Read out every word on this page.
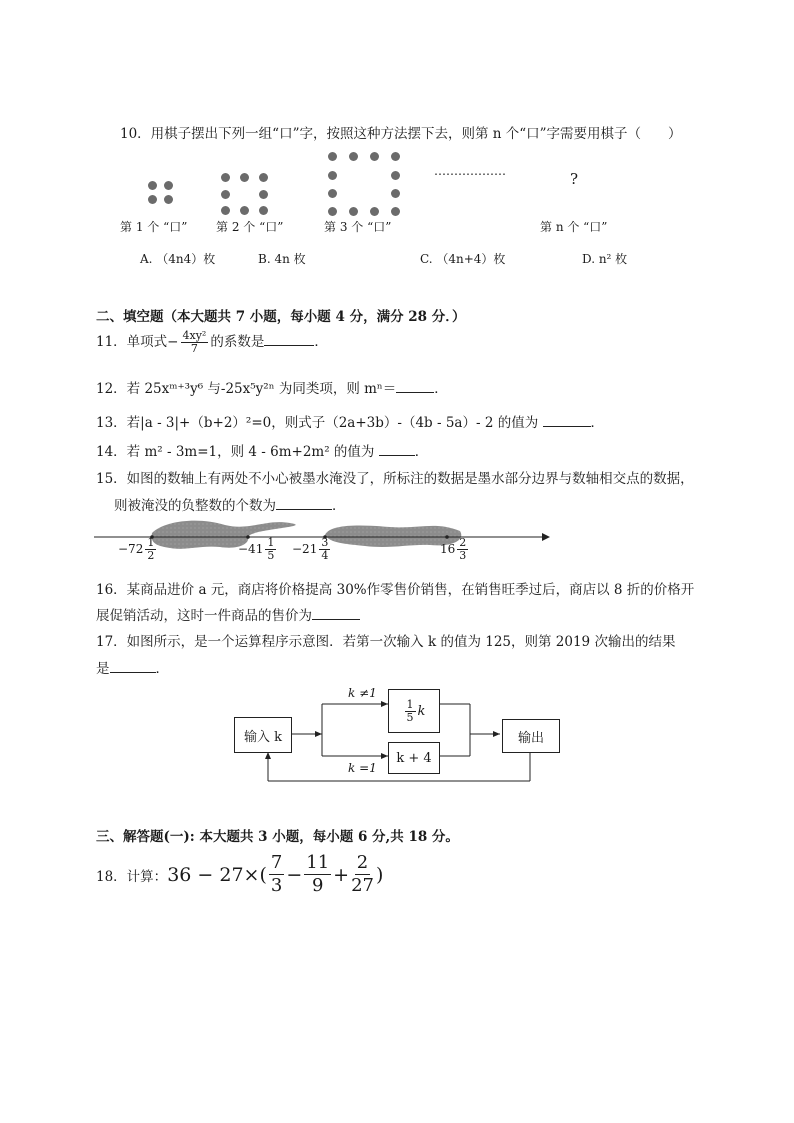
10．用棋子摆出下列一组“口”字，按照这种方法摆下去，则第 n 个“口”字需要用棋子（　　）
………………	?
第 1 个 “口” 第 2 个 “口”	第 3 个 “口”	第 n 个 “口”
A. （4n4）枚	B. 4n 枚	C. （4n+4）枚	D. n² 枚
二、填空题（本大题共 7 小题，每小题 4 分，满分 28 分．）
11．单项式− $\frac{\text{4xy²}}{7}$ 的系数是	．
12．若 25xᵐ⁺³y⁶ 与-25x⁵y²ⁿ 为同类项，则 mⁿ＝	．
13．若|a - 3|+（b+2）²=0，则式子（2a+3b）-（4b - 5a）- 2 的值为	．
14．若 m² - 3m=1，则 4 - 6m+2m² 的值为	．
15．如图的数轴上有两处不小心被墨水淹没了，所标注的数据是墨水部分边界与数轴相交点的数据，
则被淹没的负整数的个数为	．
$-72 \frac{1}{2}$	$-41 \frac{1}{5} -21 \frac{3}{4}$	$16 \frac{2}{3}$
16．某商品进价 a 元，商店将价格提高 30%作零售价销售，在销售旺季过后，商店以 8 折的价格开
展促销活动，这时一件商品的售价为
17．如图所示，是一个运算程序示意图．若第一次输入 k 的值为 125，则第 2019 次输出的结果
是	．
输入 k
$\frac{1}{5}$ k
k + 4
输出
k ≠1
k =1
三、解答题(一): 本大题共 3 小题，每小题 6 分,共 18 分。
18．计算： $36 - 27\times( \frac{7}{3} - \frac{11}{9} + \frac{2}{27}$ )
